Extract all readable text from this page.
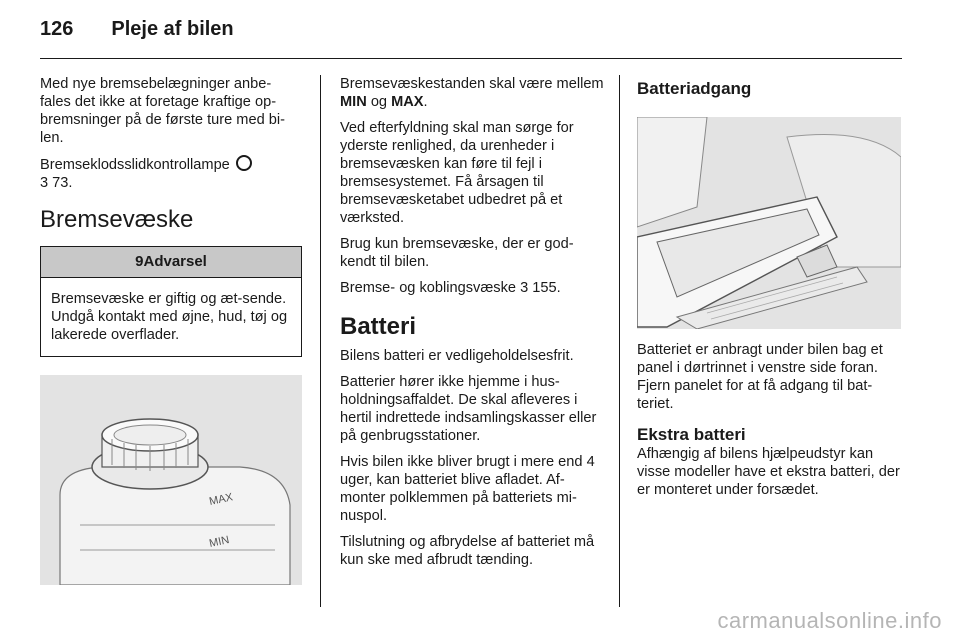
126 Pleje af bilen

Med nye bremsebelægninger anbe-fales det ikke at foretage kraftige op-bremsninger på de første ture med bi-len.

Bremseklodsslidkontrollampe
3 73.

Bremsevæske
9Advarsel
Bremsevæske er giftig og æt-sende. Undgå kontakt med øjne, hud, tøj og lakerede overflader.
MAX
MIN

Bremsevæskestanden skal være mellem MIN og MAX.

Ved efterfyldning skal man sørge for yderste renlighed, da urenheder i bremsevæsken kan føre til fejl i bremsesystemet. Få årsagen til bremsevæsketabet udbedret på et værksted.

Brug kun bremsevæske, der er god-kendt til bilen.

Bremse- og koblingsvæske 3 155.

Batteri

Bilens batteri er vedligeholdelsesfrit.

Batterier hører ikke hjemme i hus-holdningsaffaldet. De skal afleveres i hertil indrettede indsamlingskasser eller på genbrugsstationer.

Hvis bilen ikke bliver brugt i mere end 4 uger, kan batteriet blive afladet. Af-monter polklemmen på batteriets mi-nuspol.

Tilslutning og afbrydelse af batteriet må kun ske med afbrudt tænding.

Batteriadgang

Batteriet er anbragt under bilen bag et panel i dørtrinnet i venstre side foran. Fjern panelet for at få adgang til bat-teriet.

Ekstra batteri

Afhængig af bilens hjælpeudstyr kan visse modeller have et ekstra batteri, der er monteret under forsædet.

carmanualsonline.info
